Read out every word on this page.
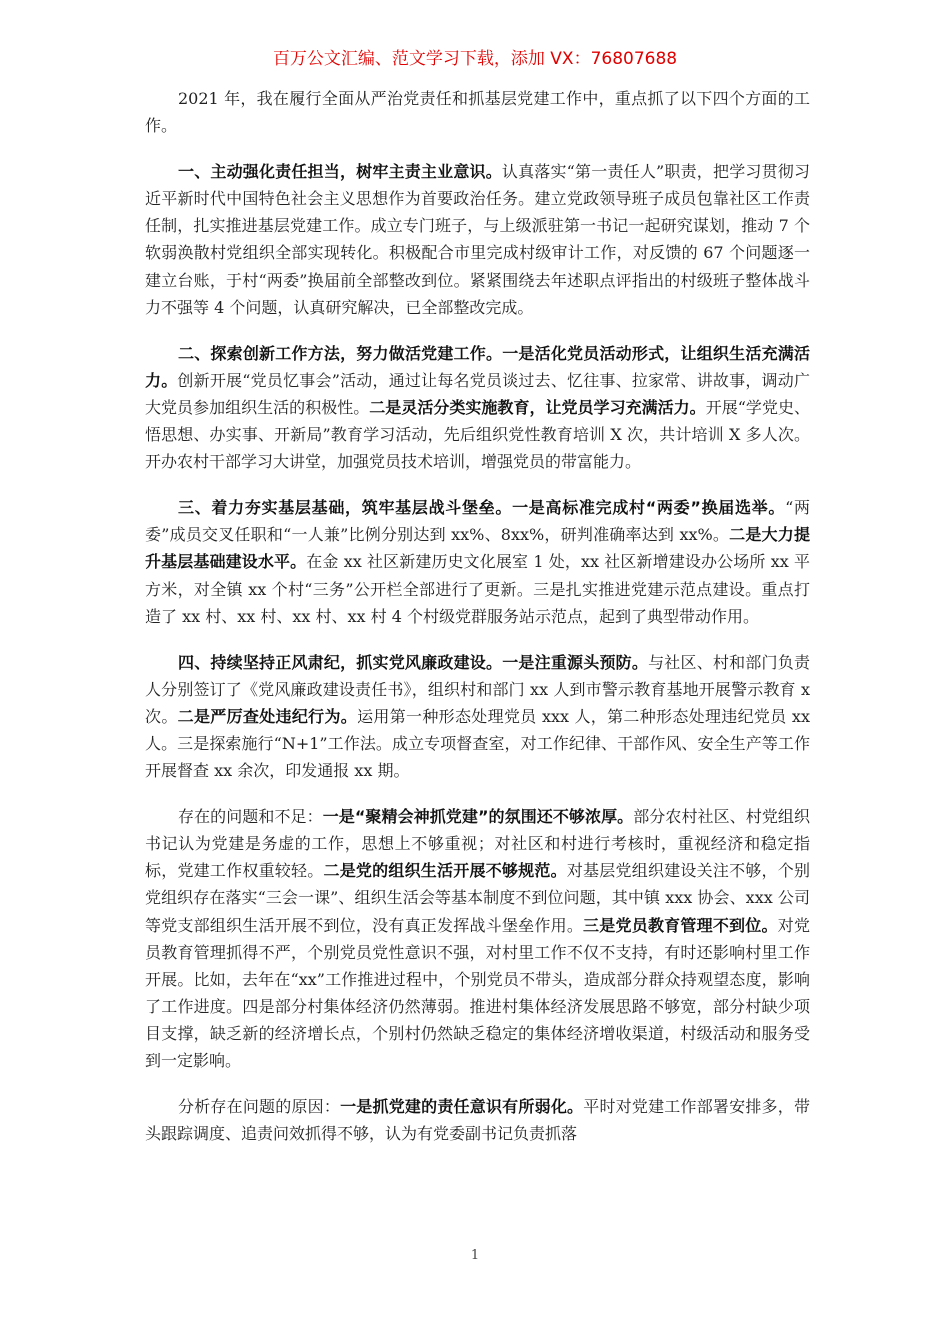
百万公文汇编、范文学习下载，添加 VX：76807688

2021 年，我在履行全面从严治党责任和抓基层党建工作中，重点抓了以下四个方面的工作。

一、主动强化责任担当，树牢主责主业意识。认真落实“第一责任人”职责，把学习贯彻习近平新时代中国特色社会主义思想作为首要政治任务。建立党政领导班子成员包靠社区工作责任制，扎实推进基层党建工作。成立专门班子，与上级派驻第一书记一起研究谋划，推动 7 个软弱涣散村党组织全部实现转化。积极配合市里完成村级审计工作，对反馈的 67 个问题逐一建立台账，于村“两委”换届前全部整改到位。紧紧围绕去年述职点评指出的村级班子整体战斗力不强等 4 个问题，认真研究解决，已全部整改完成。

二、探索创新工作方法，努力做活党建工作。一是活化党员活动形式，让组织生活充满活力。创新开展“党员忆事会”活动，通过让每名党员谈过去、忆往事、拉家常、讲故事，调动广大党员参加组织生活的积极性。二是灵活分类实施教育，让党员学习充满活力。开展“学党史、悟思想、办实事、开新局”教育学习活动，先后组织党性教育培训 X 次，共计培训 X 多人次。开办农村干部学习大讲堂，加强党员技术培训，增强党员的带富能力。

三、着力夯实基层基础，筑牢基层战斗堡垒。一是高标准完成村“两委”换届选举。“两委”成员交叉任职和“一人兼”比例分别达到 xx%、8xx%，研判准确率达到 xx%。二是大力提升基层基础建设水平。在金 xx 社区新建历史文化展室 1 处，xx 社区新增建设办公场所 xx 平方米，对全镇 xx 个村“三务”公开栏全部进行了更新。三是扎实推进党建示范点建设。重点打造了 xx 村、xx 村、xx 村、xx 村 4 个村级党群服务站示范点，起到了典型带动作用。

四、持续坚持正风肃纪，抓实党风廉政建设。一是注重源头预防。与社区、村和部门负责人分别签订了《党风廉政建设责任书》，组织村和部门 xx 人到市警示教育基地开展警示教育 x 次。二是严厉查处违纪行为。运用第一种形态处理党员 xxx 人，第二种形态处理违纪党员 xx 人。三是探索施行“N+1”工作法。成立专项督查室，对工作纪律、干部作风、安全生产等工作开展督查 xx 余次，印发通报 xx 期。

存在的问题和不足：一是“聚精会神抓党建”的氛围还不够浓厚。部分农村社区、村党组织书记认为党建是务虚的工作，思想上不够重视；对社区和村进行考核时，重视经济和稳定指标，党建工作权重较轻。二是党的组织生活开展不够规范。对基层党组织建设关注不够，个别党组织存在落实“三会一课”、组织生活会等基本制度不到位问题，其中镇 xxx 协会、xxx 公司等党支部组织生活开展不到位，没有真正发挥战斗堡垒作用。三是党员教育管理不到位。对党员教育管理抓得不严，个别党员党性意识不强，对村里工作不仅不支持，有时还影响村里工作开展。比如，去年在“xx”工作推进过程中，个别党员不带头，造成部分群众持观望态度，影响了工作进度。四是部分村集体经济仍然薄弱。推进村集体经济发展思路不够宽，部分村缺少项目支撑，缺乏新的经济增长点，个别村仍然缺乏稳定的集体经济增收渠道，村级活动和服务受到一定影响。

分析存在问题的原因：一是抓党建的责任意识有所弱化。平时对党建工作部署安排多，带头跟踪调度、追责问效抓得不够，认为有党委副书记负责抓落

1
